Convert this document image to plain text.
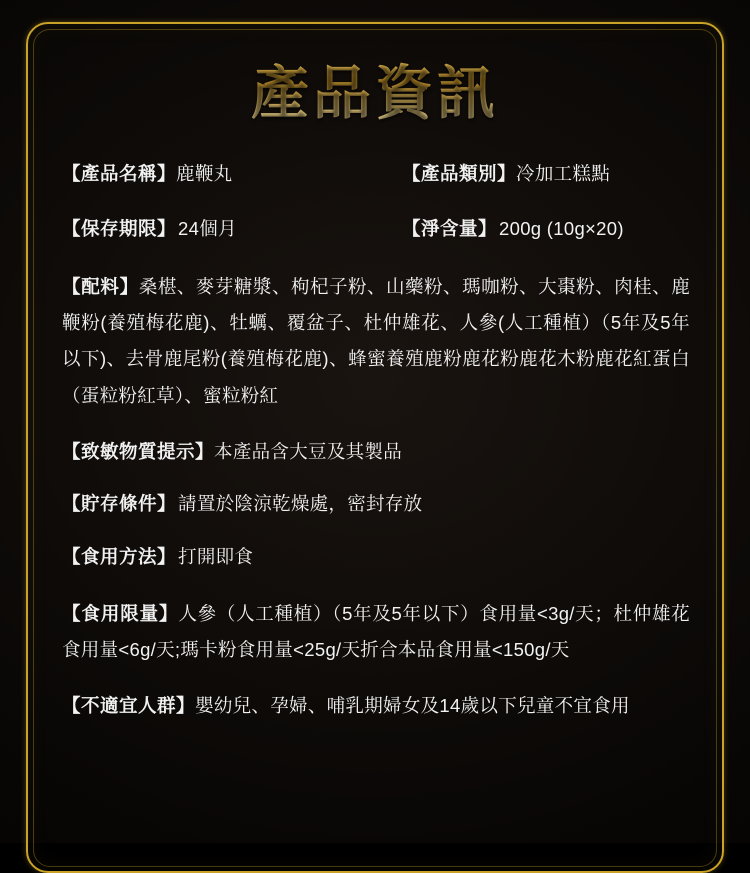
產品資訊
【產品名稱】鹿鞭丸	【產品類別】冷加工糕點
【保存期限】 24個月	【淨含量】 200g (10g×20)
【配料】桑椹、麥芽糖漿、枸杞子粉、山藥粉、瑪咖粉、大棗粉、肉桂、鹿鞭粉(養殖梅花鹿)、牡蠣、覆盆子、杜仲雄花、人參(人工種植）（5年及5年以下)、去骨鹿尾粉(養殖梅花鹿)、蜂蜜養殖鹿粉鹿花粉鹿花木粉鹿花紅蛋白（蛋粒粉紅草）、蜜粒粉紅
【致敏物質提示】本產品含大豆及其製品
【貯存條件】 請置於陰涼乾燥處，密封存放
【食用方法】 打開即食
【食用限量】人參（人工種植）（5年及5年以下）食用量<3g/天；杜仲雄花食用量<6g/天;瑪卡粉食用量<25g/天折合本品食用量<150g/天
【不適宜人群】嬰幼兒、孕婦、哺乳期婦女及14歲以下兒童不宜食用
